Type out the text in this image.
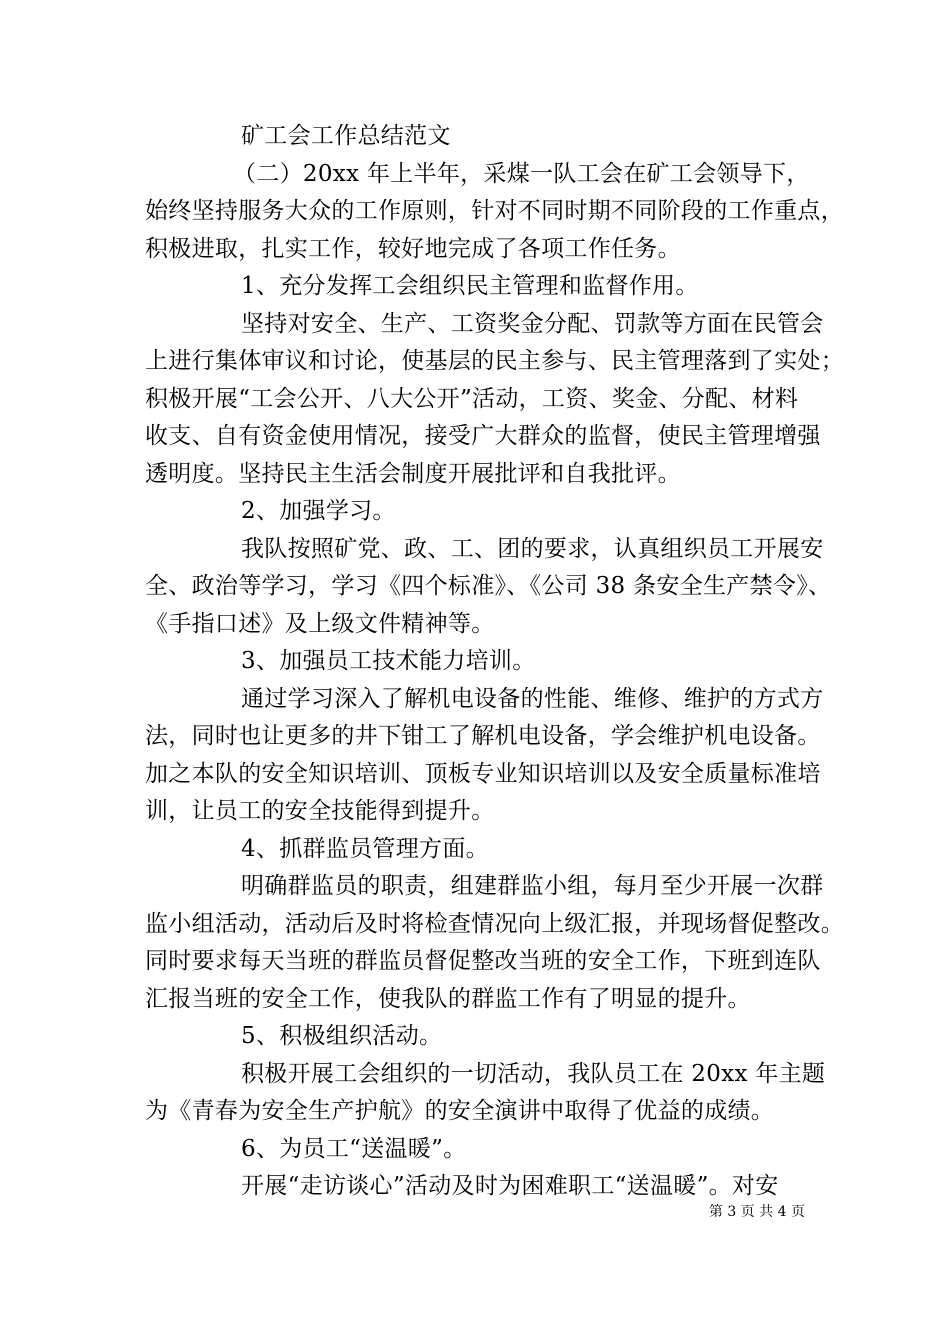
矿工会工作总结范文
（二）20xx 年上半年，采煤一队工会在矿工会领导下，
始终坚持服务大众的工作原则，针对不同时期不同阶段的工作重点，
积极进取，扎实工作，较好地完成了各项工作任务。
1、充分发挥工会组织民主管理和监督作用。
坚持对安全、生产、工资奖金分配、罚款等方面在民管会
上进行集体审议和讨论，使基层的民主参与、民主管理落到了实处；
积极开展“工会公开、八大公开”活动，工资、奖金、分配、材料
收支、自有资金使用情况，接受广大群众的监督，使民主管理增强
透明度。坚持民主生活会制度开展批评和自我批评。
2、加强学习。
我队按照矿党、政、工、团的要求，认真组织员工开展安
全、政治等学习，学习《四个标准》、《公司 38 条安全生产禁令》、
《手指口述》及上级文件精神等。
3、加强员工技术能力培训。
通过学习深入了解机电设备的性能、维修、维护的方式方
法，同时也让更多的井下钳工了解机电设备，学会维护机电设备。
加之本队的安全知识培训、顶板专业知识培训以及安全质量标准培
训，让员工的安全技能得到提升。
4、抓群监员管理方面。
明确群监员的职责，组建群监小组，每月至少开展一次群
监小组活动，活动后及时将检查情况向上级汇报，并现场督促整改。
同时要求每天当班的群监员督促整改当班的安全工作，下班到连队
汇报当班的安全工作，使我队的群监工作有了明显的提升。
5、积极组织活动。
积极开展工会组织的一切活动，我队员工在 20xx 年主题
为《青春为安全生产护航》的安全演讲中取得了优益的成绩。
6、为员工“送温暖”。
开展“走访谈心”活动及时为困难职工“送温暖”。对安
第 3 页 共 4 页
